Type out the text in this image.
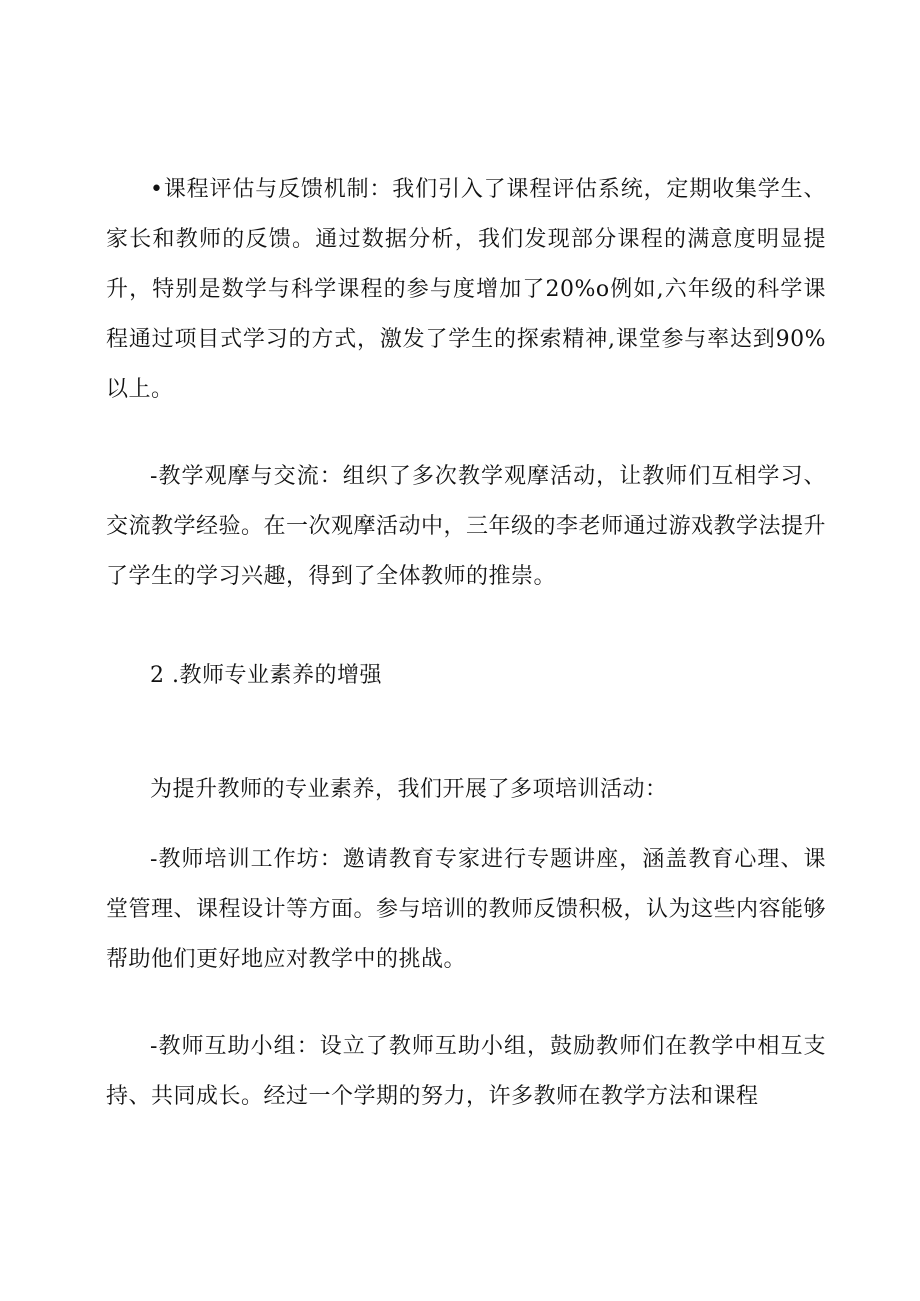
•课程评估与反馈机制：我们引入了课程评估系统，定期收集学生、家长和教师的反馈。通过数据分析，我们发现部分课程的满意度明显提升，特别是数学与科学课程的参与度增加了20%o例如,六年级的科学课程通过项目式学习的方式，激发了学生的探索精神,课堂参与率达到90%以上。

-教学观摩与交流：组织了多次教学观摩活动，让教师们互相学习、交流教学经验。在一次观摩活动中，三年级的李老师通过游戏教学法提升了学生的学习兴趣，得到了全体教师的推崇。

2 .教师专业素养的增强

为提升教师的专业素养，我们开展了多项培训活动：

-教师培训工作坊：邀请教育专家进行专题讲座，涵盖教育心理、课堂管理、课程设计等方面。参与培训的教师反馈积极，认为这些内容能够帮助他们更好地应对教学中的挑战。

-教师互助小组：设立了教师互助小组，鼓励教师们在教学中相互支持、共同成长。经过一个学期的努力，许多教师在教学方法和课程
